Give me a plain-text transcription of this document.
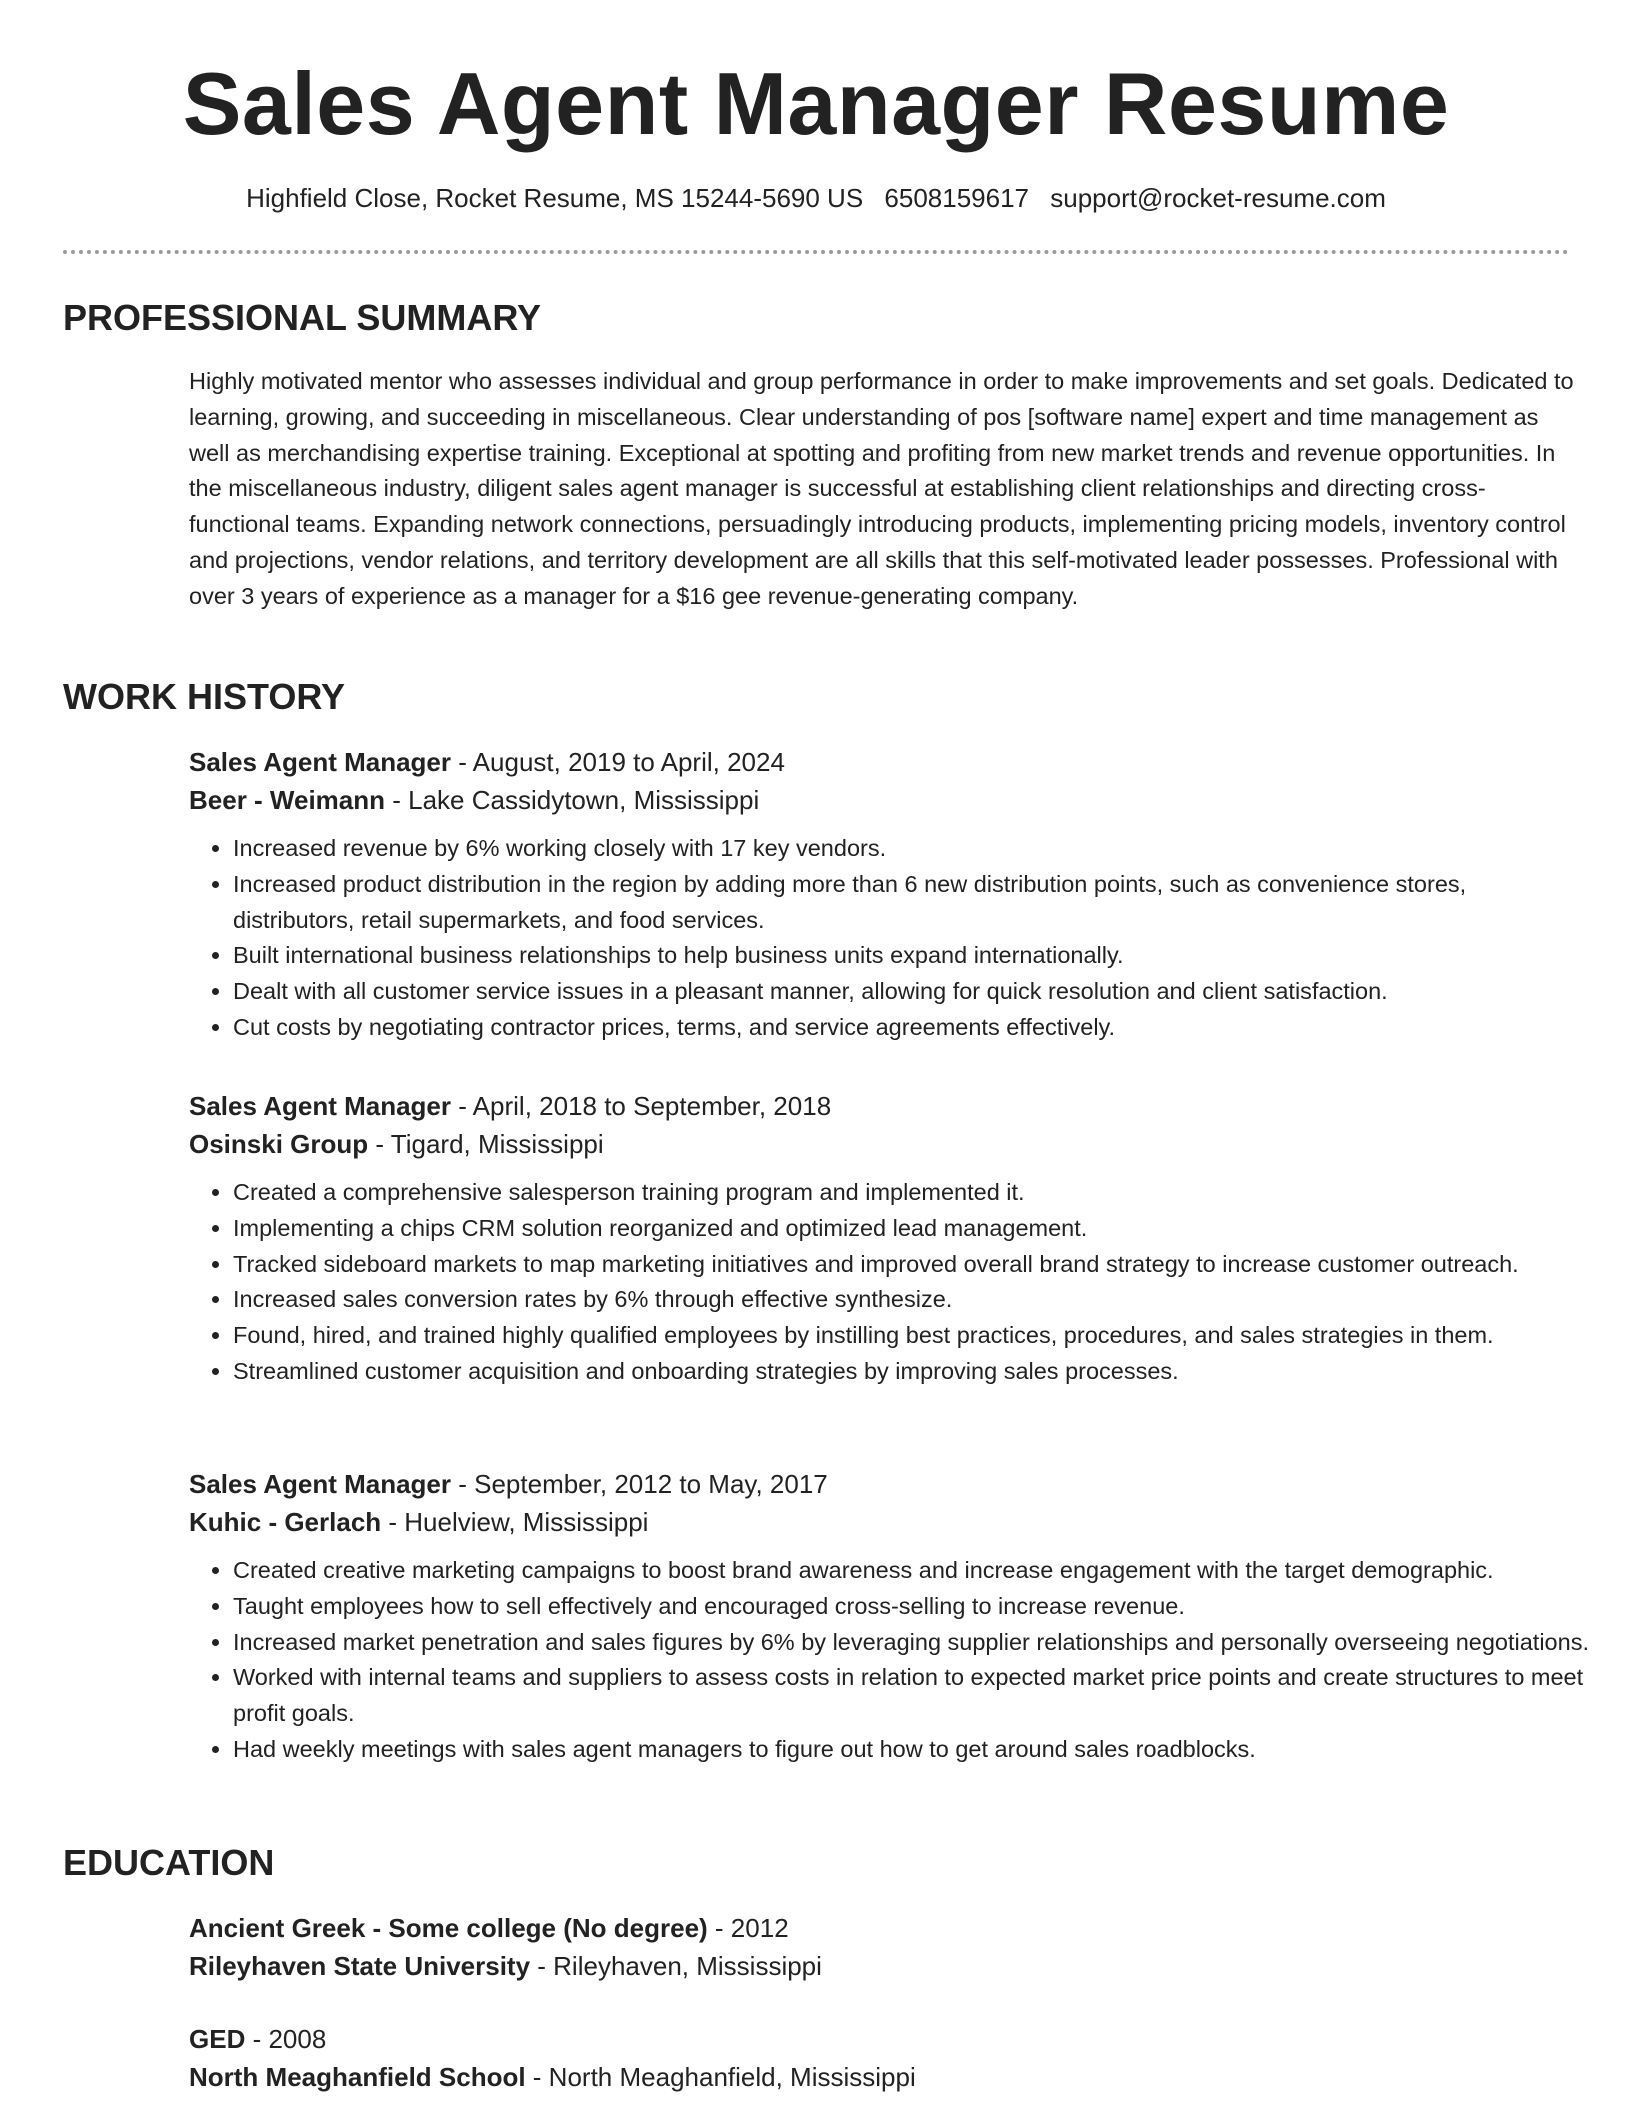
Sales Agent Manager Resume
Highfield Close, Rocket Resume, MS 15244-5690 US 6508159617 support@rocket-resume.com
PROFESSIONAL SUMMARY

Highly motivated mentor who assesses individual and group performance in order to make improvements and set goals. Dedicated to learning, growing, and succeeding in miscellaneous. Clear understanding of pos [software name] expert and time management as well as merchandising expertise training. Exceptional at spotting and profiting from new market trends and revenue opportunities. In the miscellaneous industry, diligent sales agent manager is successful at establishing client relationships and directing cross-functional teams. Expanding network connections, persuadingly introducing products, implementing pricing models, inventory control and projections, vendor relations, and territory development are all skills that this self-motivated leader possesses. Professional with over 3 years of experience as a manager for a $16 gee revenue-generating company.

WORK HISTORY
Sales Agent Manager - August, 2019 to April, 2024
Beer - Weimann - Lake Cassidytown, Mississippi
• Increased revenue by 6% working closely with 17 key vendors.
• Increased product distribution in the region by adding more than 6 new distribution points, such as convenience stores, distributors, retail supermarkets, and food services.
• Built international business relationships to help business units expand internationally.
• Dealt with all customer service issues in a pleasant manner, allowing for quick resolution and client satisfaction.
• Cut costs by negotiating contractor prices, terms, and service agreements effectively.
Sales Agent Manager - April, 2018 to September, 2018
Osinski Group - Tigard, Mississippi
• Created a comprehensive salesperson training program and implemented it.
• Implementing a chips CRM solution reorganized and optimized lead management.
• Tracked sideboard markets to map marketing initiatives and improved overall brand strategy to increase customer outreach.
• Increased sales conversion rates by 6% through effective synthesize.
• Found, hired, and trained highly qualified employees by instilling best practices, procedures, and sales strategies in them.
• Streamlined customer acquisition and onboarding strategies by improving sales processes.
Sales Agent Manager - September, 2012 to May, 2017
Kuhic - Gerlach - Huelview, Mississippi
• Created creative marketing campaigns to boost brand awareness and increase engagement with the target demographic.
• Taught employees how to sell effectively and encouraged cross-selling to increase revenue.
• Increased market penetration and sales figures by 6% by leveraging supplier relationships and personally overseeing negotiations.
• Worked with internal teams and suppliers to assess costs in relation to expected market price points and create structures to meet profit goals.
• Had weekly meetings with sales agent managers to figure out how to get around sales roadblocks.
EDUCATION
Ancient Greek - Some college (No degree) - 2012
Rileyhaven State University - Rileyhaven, Mississippi
GED - 2008
North Meaghanfield School - North Meaghanfield, Mississippi
